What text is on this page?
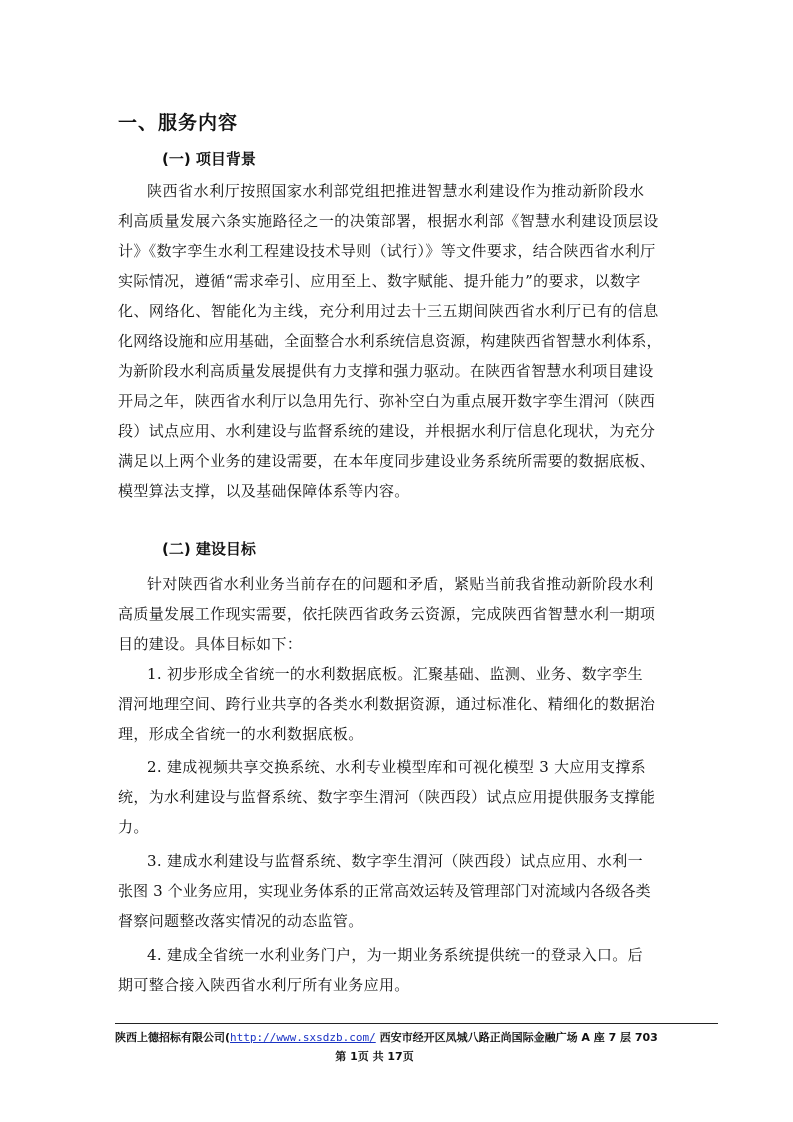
一、服务内容
(一) 项目背景
陕西省水利厅按照国家水利部党组把推进智慧水利建设作为推动新阶段水
利高质量发展六条实施路径之一的决策部署，根据水利部《智慧水利建设顶层设
计》《数字孪生水利工程建设技术导则（试行）》等文件要求，结合陕西省水利厅
实际情况，遵循“需求牵引、应用至上、数字赋能、提升能力”的要求，以数字
化、网络化、智能化为主线，充分利用过去十三五期间陕西省水利厅已有的信息
化网络设施和应用基础，全面整合水利系统信息资源，构建陕西省智慧水利体系，
为新阶段水利高质量发展提供有力支撑和强力驱动。在陕西省智慧水利项目建设
开局之年，陕西省水利厅以急用先行、弥补空白为重点展开数字孪生渭河（陕西
段）试点应用、水利建设与监督系统的建设，并根据水利厅信息化现状，为充分
满足以上两个业务的建设需要，在本年度同步建设业务系统所需要的数据底板、
模型算法支撑，以及基础保障体系等内容。
(二) 建设目标
针对陕西省水利业务当前存在的问题和矛盾，紧贴当前我省推动新阶段水利
高质量发展工作现实需要，依托陕西省政务云资源，完成陕西省智慧水利一期项
目的建设。具体目标如下：
1. 初步形成全省统一的水利数据底板。汇聚基础、监测、业务、数字孪生
渭河地理空间、跨行业共享的各类水利数据资源，通过标准化、精细化的数据治
理，形成全省统一的水利数据底板。
2. 建成视频共享交换系统、水利专业模型库和可视化模型 3 大应用支撑系
统，为水利建设与监督系统、数字孪生渭河（陕西段）试点应用提供服务支撑能
力。
3. 建成水利建设与监督系统、数字孪生渭河（陕西段）试点应用、水利一
张图 3 个业务应用，实现业务体系的正常高效运转及管理部门对流域内各级各类
督察问题整改落实情况的动态监管。
4. 建成全省统一水利业务门户，为一期业务系统提供统一的登录入口。后
期可整合接入陕西省水利厅所有业务应用。
陕西上德招标有限公司(http://www.sxsdzb.com/ 西安市经开区凤城八路正尚国际金融广场 A 座 7 层 703
第 1页 共 17页
